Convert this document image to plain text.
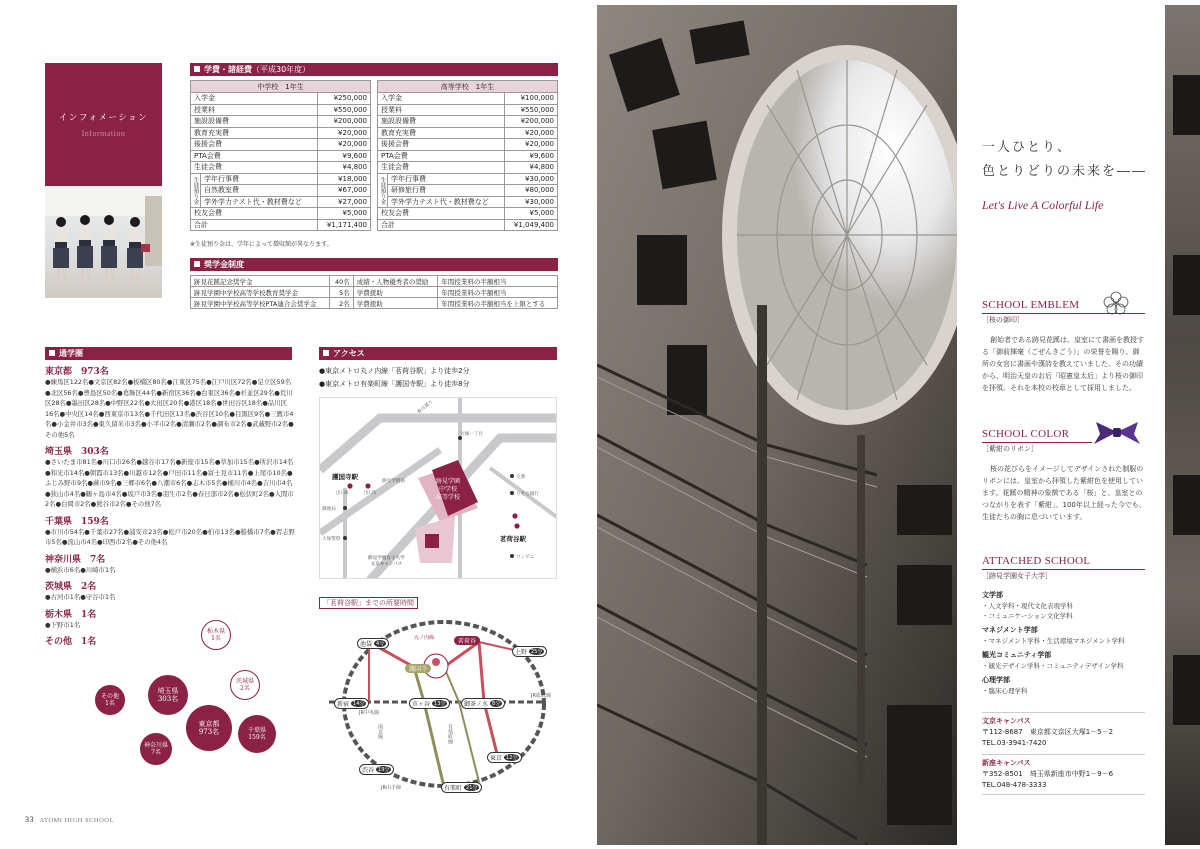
インフォメーション
Information
学費・諸経費（平成30年度）
中学校　1年生		
入学金		¥250,000
授業料		¥550,000
施設設備費		¥200,000
教育充実費		¥20,000
後援会費		¥20,000
PTA会費		¥9,600
生徒会費		¥4,800
生徒預り金	学年行事費	¥18,000
	自然教室費	¥67,000
	学外学力テスト代・教材費など	¥27,000
校友会費		¥5,000
合計		¥1,171,400
高等学校　1年生		
入学金		¥100,000
授業料		¥550,000
施設設備費		¥200,000
教育充実費		¥20,000
後援会費		¥20,000
PTA会費		¥9,600
生徒会費		¥4,800
生徒預り金	学年行事費	¥30,000
	研修旅行費	¥80,000
	学外学力テスト代・教材費など	¥30,000
校友会費		¥5,000
合計		¥1,049,400
※生徒預り金は、学年によって徴収額が異なります。
奨学金制度
跡見花蹊記念奨学金	40名	成績・人物優秀者の奨励	年間授業料の半額相当
跡見学園中学校高等学校教育奨学金	5名	学費援助	年間授業料の半額相当
跡見学園中学校高等学校PTA連合会奨学金	2名	学費援助	年間授業料の半額相当を上限とする
通学圏
東京都　973名
●練馬区122名●文京区82名●板橋区80名●江東区75名●江戸川区72名●足立区59名●北区56名●豊島区50名●葛飾区44名●新宿区36名●台東区36名●杉並区29名●荒川区28名●墨田区28名●中野区22名●大田区20名●港区18名●世田谷区18名●品川区16名●中央区14名●西東京市13名●千代田区13名●渋谷区10名●目黒区9名●三鷹市4名●小金井市3名●東久留米市3名●小平市2名●清瀬市2名●調布市2名●武蔵野市2名●その他5名
埼玉県　303名
●さいたま市81名●川口市26名●越谷市17名●新座市15名●草加市15名●所沢市14名●和光市14名●朝霞市13名●川越市12名●戸田市11名●富士見市11名●上尾市10名●ふじみ野市9名●蕨市9名●三郷市6名●八潮市6名●志木市5名●桶川市4名●吉川市4名●狭山市4名●鶴ヶ島市4名●坂戸市3名●羽生市2名●春日部市2名●松伏町2名●入間市2名●白岡市2名●熊谷市2名●その他7名
千葉県　159名
●市川市54名●千葉市27名●浦安市23名●松戸市20名●柏市13名●船橋市7名●習志野市5名●流山市4名●印西市2名●その他4名
神奈川県　7名
●横浜市6名●川崎市1名
茨城県　2名
●古河市1名●守谷市1名
栃木県　1名
●下野市1名
その他　1名
栃木県
1名
茨城県
2名
その他
1名
埼玉県
303名
東京都
973名	千葉県
159名
神奈川県
7名
アクセス
●東京メトロ丸ノ内線「茗荷谷駅」より徒歩2分
●東京メトロ有楽町線「護国寺駅」より徒歩8分
跡見学園
中学校
高等学校
茗荷谷駅
護国寺駅
跡見学園女子大学
文京キャンパス
大塚一丁目
春日通り
交番
りそな銀行
郵便局
コンビニ
大塚警察
出口5
出口6
跡見学園前
「茗荷谷駅」までの所要時間
丸ノ内線
池袋 4分	茗荷谷
護国寺
上野 25分
新宿 14分	市ヶ谷 13分	御茶ノ水 8分
JR総武線
JR中央線
南北線	有楽町線
東京 12分
渋谷 19分
有楽町 21分
JR山手線
33 ATOMI HIGH SCHOOL
一人ひとり、
色とりどりの未来を――
Let's Live A Colorful Life
SCHOOL EMBLEM
［桜の御印］
創始者である跡見花蹊は、皇室にて書画を教授する「御前揮毫（ごぜんきごう）」の栄誉を賜り、御所の女官に書画や漢詩を教えていました。その功績から、明治天皇のお后「昭憲皇太后」より桜の御印を拝領。それを本校の校章として採用しました。
SCHOOL COLOR
［紫紺のリボン］
桜の花びらをイメージしてデザインされた制服のリボンには、皇室から拝領した紫紺色を使用しています。花蹊の精神の象徴である「桜」と、皇室とのつながりを表す「紫紺」。100年以上経った今でも、生徒たちの胸に息づいています。
ATTACHED SCHOOL
［跡見学園女子大学］
文学部
・人文学科・現代文化表現学科
・コミュニケーション文化学科
マネジメント学部
・マネジメント学科・生活環境マネジメント学科
観光コミュニティ学部
・観光デザイン学科・コミュニティデザイン学科
心理学部
・臨床心理学科
文京キャンパス
〒112-8687　東京都文京区大塚1－5－2
TEL.03-3941-7420
新座キャンパス
〒352-8501　埼玉県新座市中野1－9－6
TEL.048-478-3333
